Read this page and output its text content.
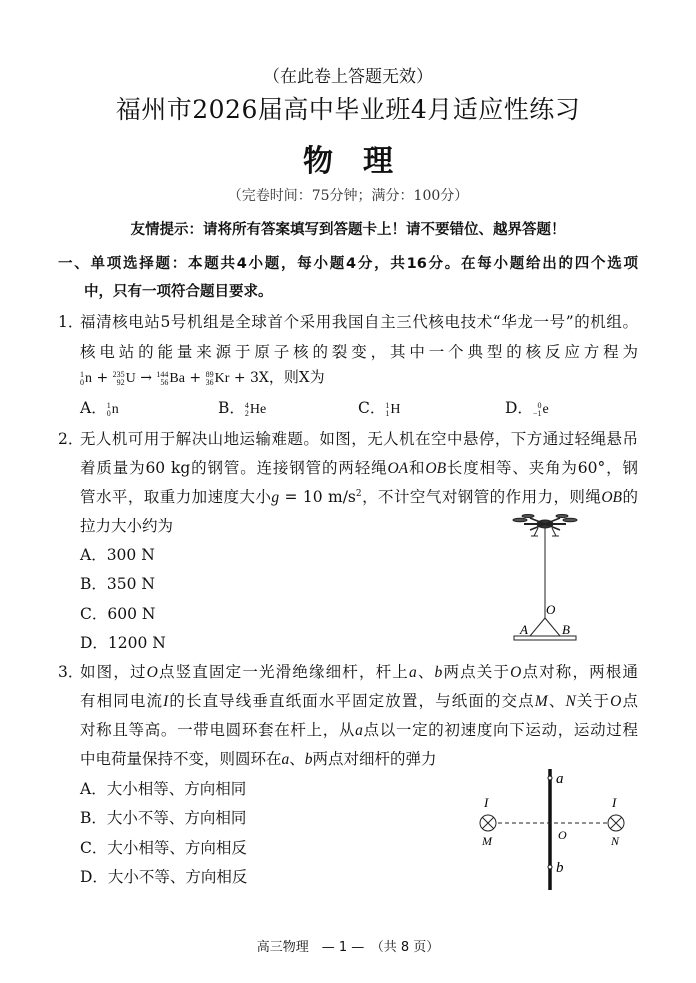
（在此卷上答题无效）
福州市2026届高中毕业班4月适应性练习
物　理
（完卷时间：75分钟；满分：100分）
友情提示：请将所有答案填写到答题卡上！请不要错位、越界答题！
一、单项选择题：本题共4小题，每小题4分，共16分。在每小题给出的四个选项
中，只有一项符合题目要求。
1．
福清核电站5号机组是全球首个采用我国自主三代核电技术“华龙一号”的机组。
核电站的能量来源于原子核的裂变，其中一个典型的核反应方程为
1
0n + 235
92U → 144
56Ba + 89
36Kr + 3X，则X为
A．1
0n	B．4
2He	C．1
1H	D． 0
−1e
2．
无人机可用于解决山地运输难题。如图，无人机在空中悬停，下方通过轻绳悬吊
着质量为60 kg的钢管。连接钢管的两轻绳OA和OB长度相等、夹角为60°，钢
管水平，取重力加速度大小g = 10 $m/s^2$，不计空气对钢管的作用力，则绳OB的
拉力大小约为
A．300 N
B．350 N
C．600 N
D．1200 N
O
A	B
3．
如图，过O点竖直固定一光滑绝缘细杆，杆上a、b两点关于O点对称，两根通
有相同电流I的长直导线垂直纸面水平固定放置，与纸面的交点M、N关于O点
对称且等高。一带电圆环套在杆上，从a点以一定的初速度向下运动，运动过程
中电荷量保持不变，则圆环在a、b两点对细杆的弹力
A．大小相等、方向相同
B．大小不等、方向相同
C．大小相等、方向相反
D．大小不等、方向相反
a
b
O
I	I
M	N
高三物理　— 1 —　（共 8 页）
